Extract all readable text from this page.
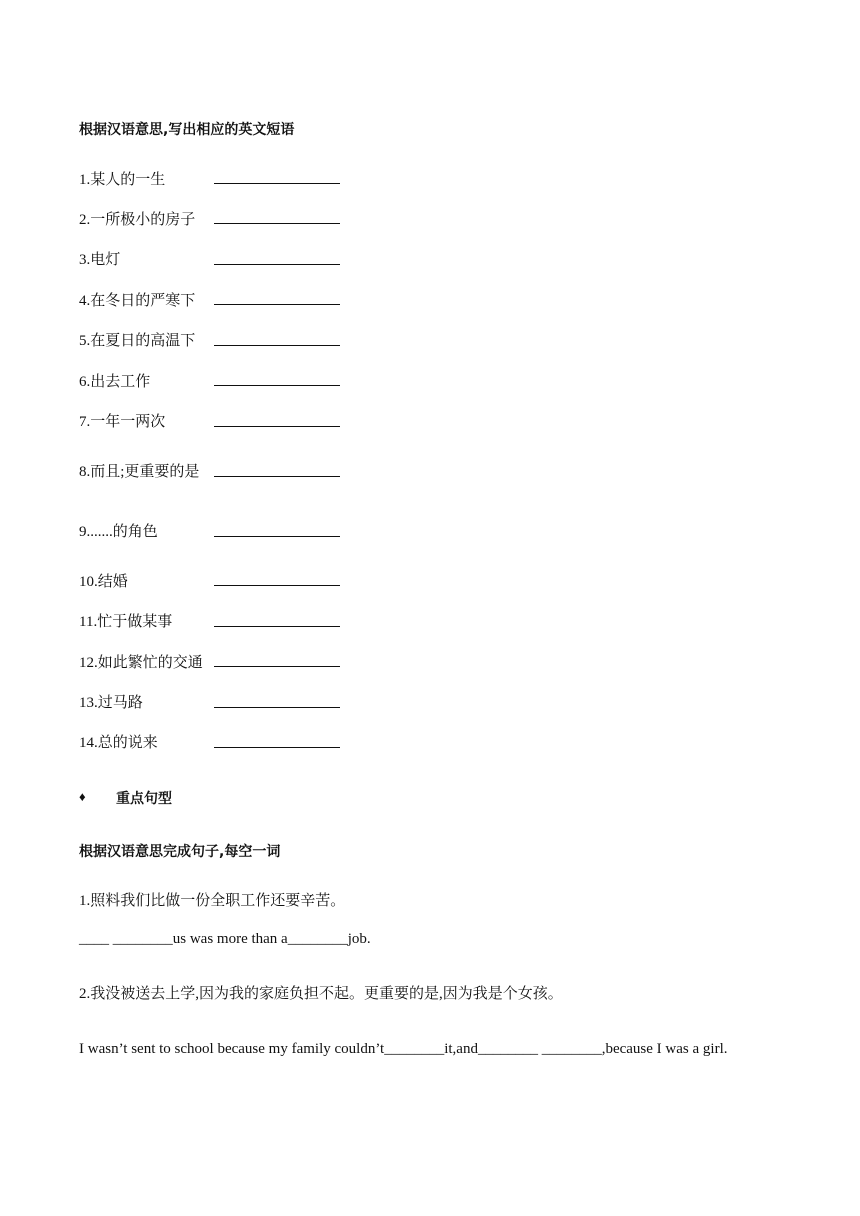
根据汉语意思,写出相应的英文短语
1.某人的一生
2.一所极小的房子
3.电灯
4.在冬日的严寒下
5.在夏日的高温下
6.出去工作
7.一年一两次
8.而且;更重要的是
9.......的角色
10.结婚
11.忙于做某事
12.如此繁忙的交通
13.过马路
14.总的说来
♦ 重点句型
根据汉语意思完成句子,每空一词
1.照料我们比做一份全职工作还要辛苦。
____ ________us was more than a________job.
2.我没被送去上学,因为我的家庭负担不起。更重要的是,因为我是个女孩。
I wasn’t sent to school because my family couldn’t________it,and________ ________,because I was a girl.
